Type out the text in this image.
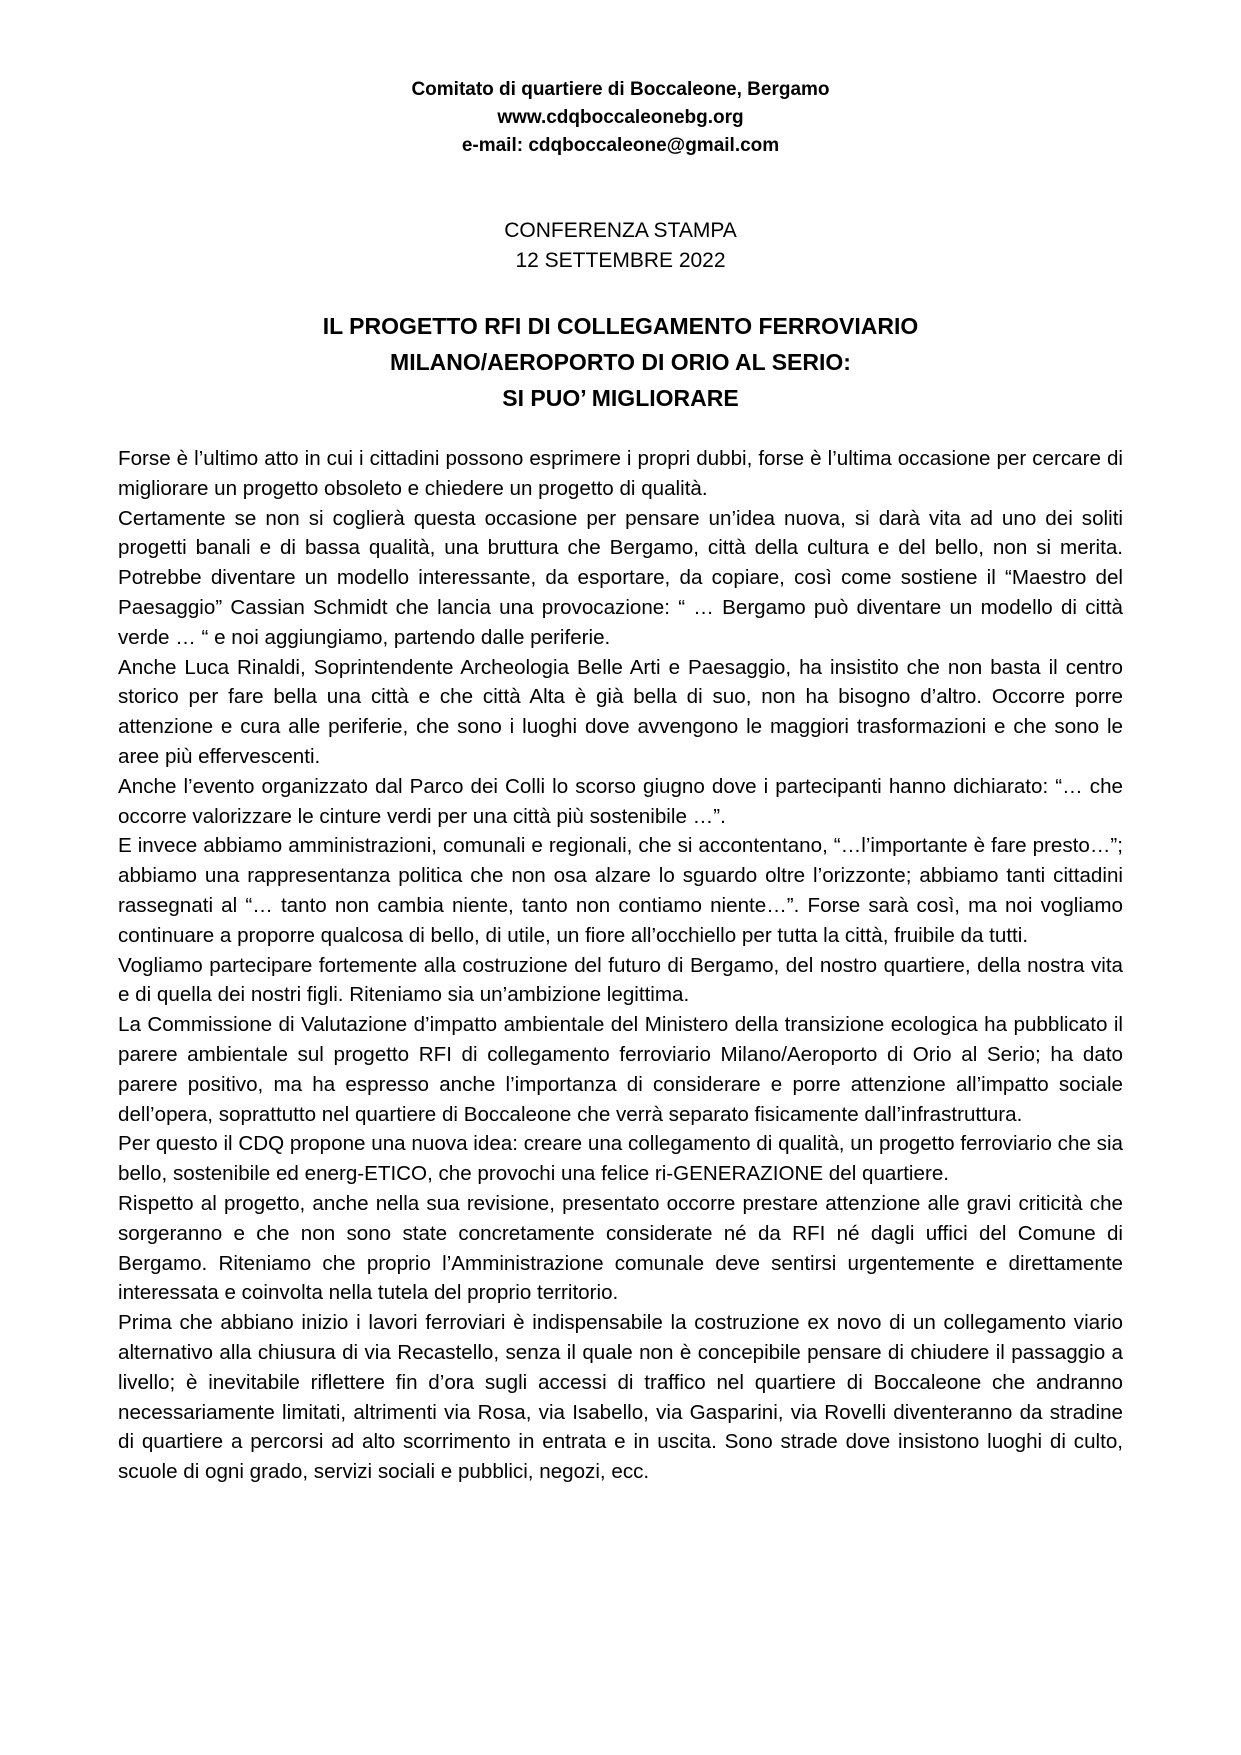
Comitato di quartiere di Boccaleone, Bergamo
www.cdqboccaleonebg.org
e-mail: cdqboccaleone@gmail.com
CONFERENZA STAMPA
12 SETTEMBRE 2022
IL PROGETTO RFI DI COLLEGAMENTO FERROVIARIO
MILANO/AEROPORTO DI ORIO AL SERIO:
SI PUO’ MIGLIORARE

Forse è l’ultimo atto in cui i cittadini possono esprimere i propri dubbi, forse è l’ultima occasione per cercare di migliorare un progetto obsoleto e chiedere un progetto di qualità.

Certamente se non si coglierà questa occasione per pensare un’idea nuova, si darà vita ad uno dei soliti progetti banali e di bassa qualità, una bruttura che Bergamo, città della cultura e del bello, non si merita. Potrebbe diventare un modello interessante, da esportare, da copiare, così come sostiene il “Maestro del Paesaggio” Cassian Schmidt che lancia una provocazione: “ … Bergamo può diventare un modello di città verde … “ e noi aggiungiamo, partendo dalle periferie.

Anche Luca Rinaldi, Soprintendente Archeologia Belle Arti e Paesaggio, ha insistito che non basta il centro storico per fare bella una città e che città Alta è già bella di suo, non ha bisogno d’altro. Occorre porre attenzione e cura alle periferie, che sono i luoghi dove avvengono le maggiori trasformazioni e che sono le aree più effervescenti.

Anche l’evento organizzato dal Parco dei Colli lo scorso giugno dove i partecipanti hanno dichiarato: “… che occorre valorizzare le cinture verdi per una città più sostenibile …”.

E invece abbiamo amministrazioni, comunali e regionali, che si accontentano, “…l’importante è fare presto…”; abbiamo una rappresentanza politica che non osa alzare lo sguardo oltre l’orizzonte; abbiamo tanti cittadini rassegnati al “… tanto non cambia niente, tanto non contiamo niente…”. Forse sarà così, ma noi vogliamo continuare a proporre qualcosa di bello, di utile, un fiore all’occhiello per tutta la città, fruibile da tutti.

Vogliamo partecipare fortemente alla costruzione del futuro di Bergamo, del nostro quartiere, della nostra vita e di quella dei nostri figli. Riteniamo sia un’ambizione legittima.

La Commissione di Valutazione d’impatto ambientale del Ministero della transizione ecologica ha pubblicato il parere ambientale sul progetto RFI di collegamento ferroviario Milano/Aeroporto di Orio al Serio; ha dato parere positivo, ma ha espresso anche l’importanza di considerare e porre attenzione all’impatto sociale dell’opera, soprattutto nel quartiere di Boccaleone che verrà separato fisicamente dall’infrastruttura.

Per questo il CDQ propone una nuova idea: creare una collegamento di qualità, un progetto ferroviario che sia bello, sostenibile ed energ-ETICO, che provochi una felice ri-GENERAZIONE del quartiere.

Rispetto al progetto, anche nella sua revisione, presentato occorre prestare attenzione alle gravi criticità che sorgeranno e che non sono state concretamente considerate né da RFI né dagli uffici del Comune di Bergamo. Riteniamo che proprio l’Amministrazione comunale deve sentirsi urgentemente e direttamente interessata e coinvolta nella tutela del proprio territorio.

Prima che abbiano inizio i lavori ferroviari è indispensabile la costruzione ex novo di un collegamento viario alternativo alla chiusura di via Recastello, senza il quale non è concepibile pensare di chiudere il passaggio a livello; è inevitabile riflettere fin d’ora sugli accessi di traffico nel quartiere di Boccaleone che andranno necessariamente limitati, altrimenti via Rosa, via Isabello, via Gasparini, via Rovelli diventeranno da stradine di quartiere a percorsi ad alto scorrimento in entrata e in uscita. Sono strade dove insistono luoghi di culto, scuole di ogni grado, servizi sociali e pubblici, negozi, ecc.
